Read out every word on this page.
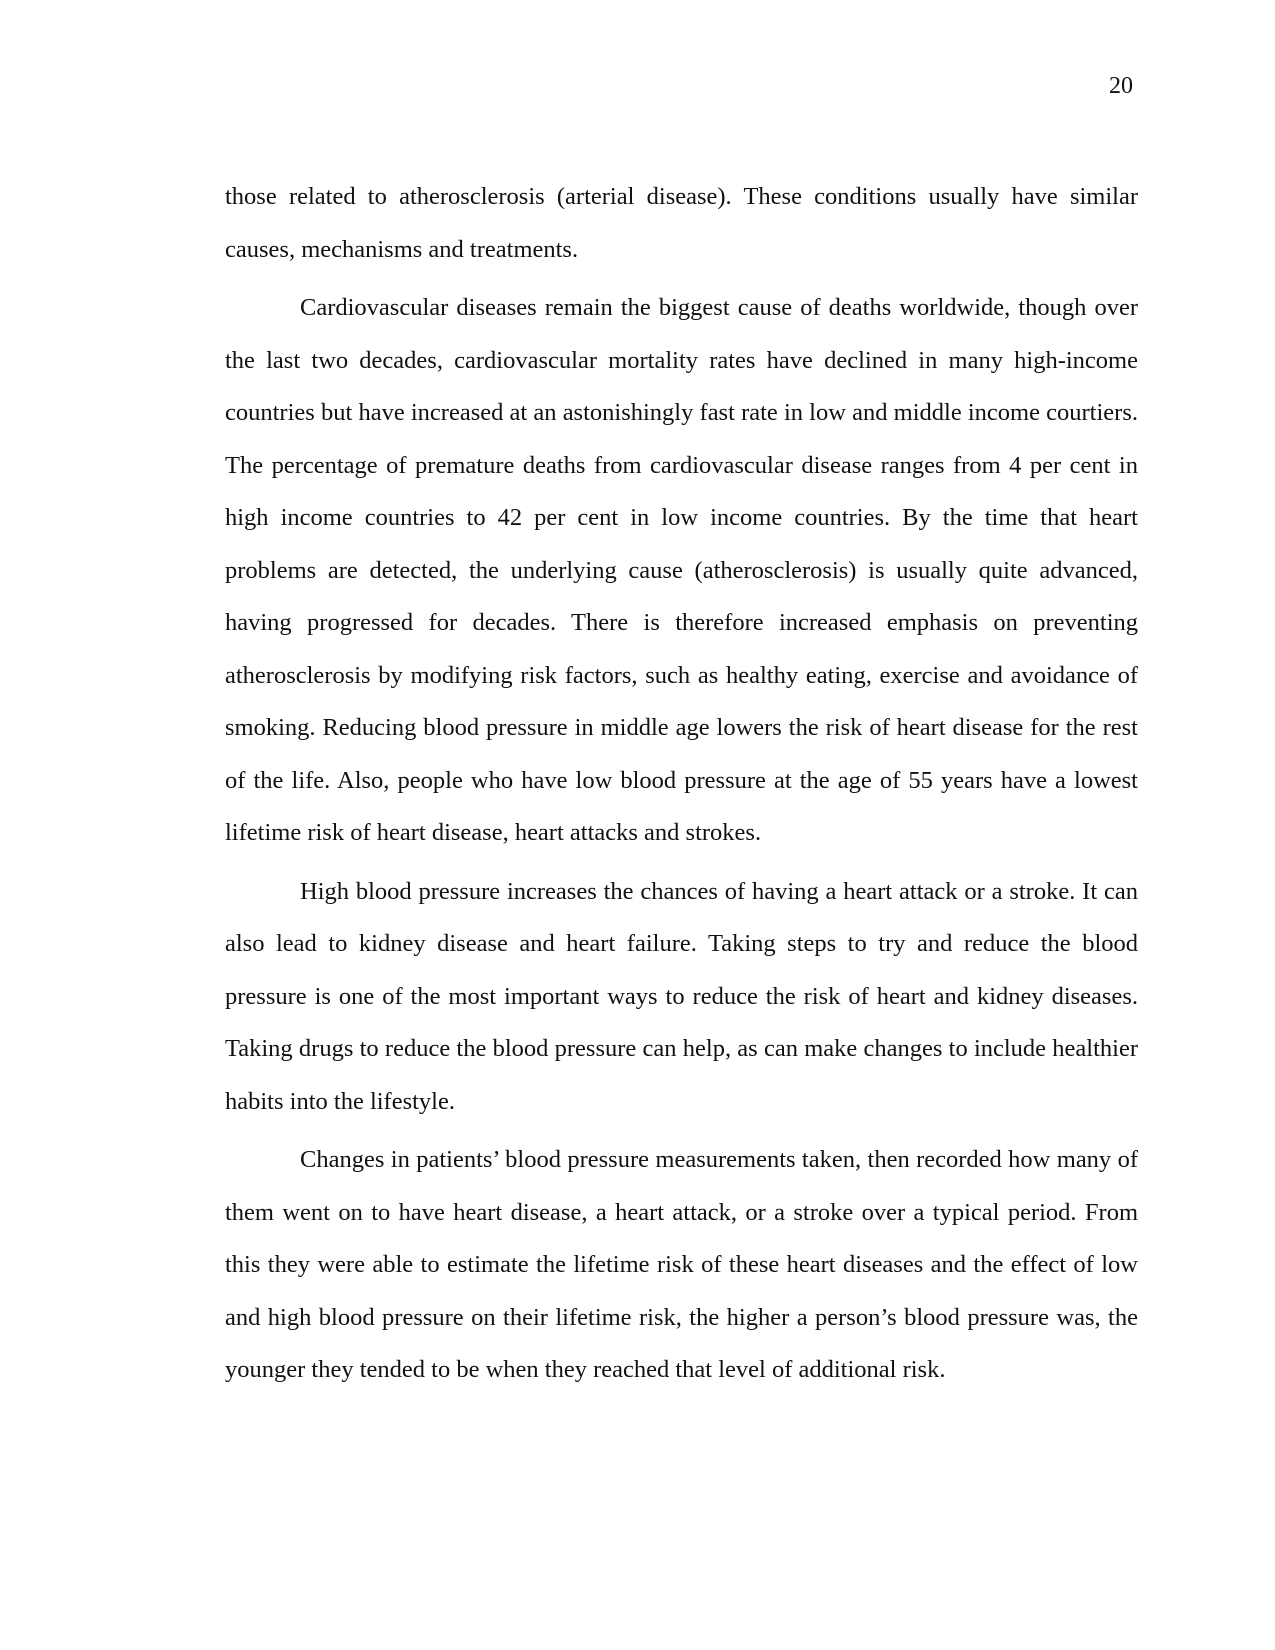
20

those related to atherosclerosis (arterial disease). These conditions usually have similar causes, mechanisms and treatments.

Cardiovascular diseases remain the biggest cause of deaths worldwide, though over the last two decades, cardiovascular mortality rates have declined in many high-income countries but have increased at an astonishingly fast rate in low and middle income courtiers. The percentage of premature deaths from cardiovascular disease ranges from 4 per cent in high income countries to 42 per cent in low income countries. By the time that heart problems are detected, the underlying cause (atherosclerosis) is usually quite advanced, having progressed for decades. There is therefore increased emphasis on preventing atherosclerosis by modifying risk factors, such as healthy eating, exercise and avoidance of smoking. Reducing blood pressure in middle age lowers the risk of heart disease for the rest of the life. Also, people who have low blood pressure at the age of 55 years have a lowest lifetime risk of heart disease, heart attacks and strokes.

High blood pressure increases the chances of having a heart attack or a stroke. It can also lead to kidney disease and heart failure. Taking steps to try and reduce the blood pressure is one of the most important ways to reduce the risk of heart and kidney diseases. Taking drugs to reduce the blood pressure can help, as can make changes to include healthier habits into the lifestyle.

Changes in patients’ blood pressure measurements taken, then recorded how many of them went on to have heart disease, a heart attack, or a stroke over a typical period. From this they were able to estimate the lifetime risk of these heart diseases and the effect of low and high blood pressure on their lifetime risk, the higher a person’s blood pressure was, the younger they tended to be when they reached that level of additional risk.
